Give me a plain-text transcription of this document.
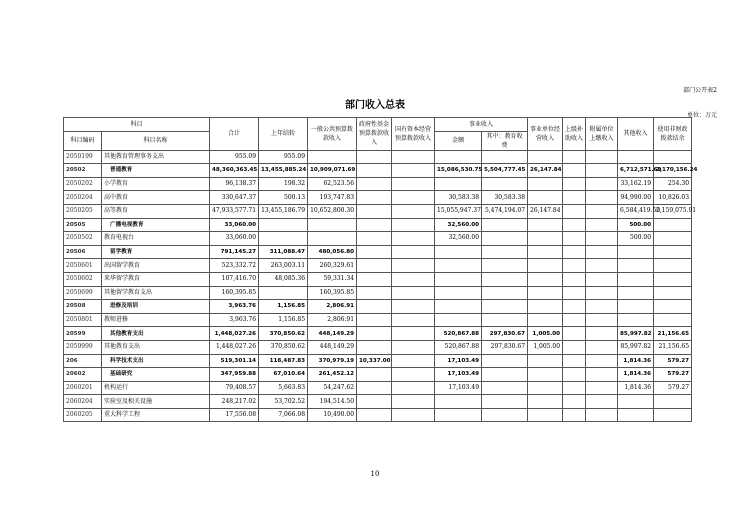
部门公开表2
部门收入总表
单位：万元
科目		合计	上年结转	一般公共预算拨款收入	政府性基金预算拨款收入	国有资本经营预算拨款收入	事业收入		事业单位经营收入	上级补助收入	附属单位上缴收入	其他收入	使用非财政拨款结余
科目编码	科目名称						金额	其中：教育收费					
2050199	其他教育管理事务支出	955.09	955.09										
20502	普通教育	48,360,363.45	13,455,885.24	10,909,071.69			15,086,530.75	5,504,777.45	26,147.84			6,712,571.69	2,170,156.24
2050202	小学教育	96,138.37	198.32	62,523.56								33,162.19	254.30
2050204	高中教育	330,647.37	500.13	193,747.83			30,583.38	30,583.38				94,990.00	10,826.03
2050205	高等教育	47,933,577.71	13,455,186.79	10,652,800.30			15,055,947.37	5,474,194.07	26,147.84			6,584,419.50	2,159,075.91
20505	广播电视教育	33,060.00					32,560.00					500.00	
2050502	教育电视台	33,060.00					32,560.00					500.00	
20506	留学教育	791,145.27	311,088.47	480,056.80									
2050601	出国留学教育	523,332.72	263,003.11	260,329.61									
2050602	来华留学教育	107,416.70	48,085.36	59,331.34									
2050699	其他留学教育支出	160,395.85		160,395.85									
20508	进修及培训	3,963.76	1,156.85	2,806.91									
2050801	教师进修	3,963.76	1,156.85	2,806.91									
20599	其他教育支出	1,448,027.26	370,850.62	448,149.29			520,867.88	297,830.67	1,005.00			85,997.82	21,156.65
2059999	其他教育支出	1,448,027.26	370,850.62	448,149.29			520,867.88	297,830.67	1,005.00			85,997.82	21,156.65
206	科学技术支出	519,301.14	118,487.83	370,979.19	10,337.00		17,103.49					1,814.36	579.27
20602	基础研究	347,959.88	67,010.64	261,452.12			17,103.49					1,814.36	579.27
2060201	机构运行	79,408.57	5,663.83	54,247.62			17,103.49					1,814.36	579.27
2060204	实验室及相关设施	248,217.02	53,702.52	194,514.50									
2060205	重大科学工程	17,556.08	7,066.08	10,490.00									
10
